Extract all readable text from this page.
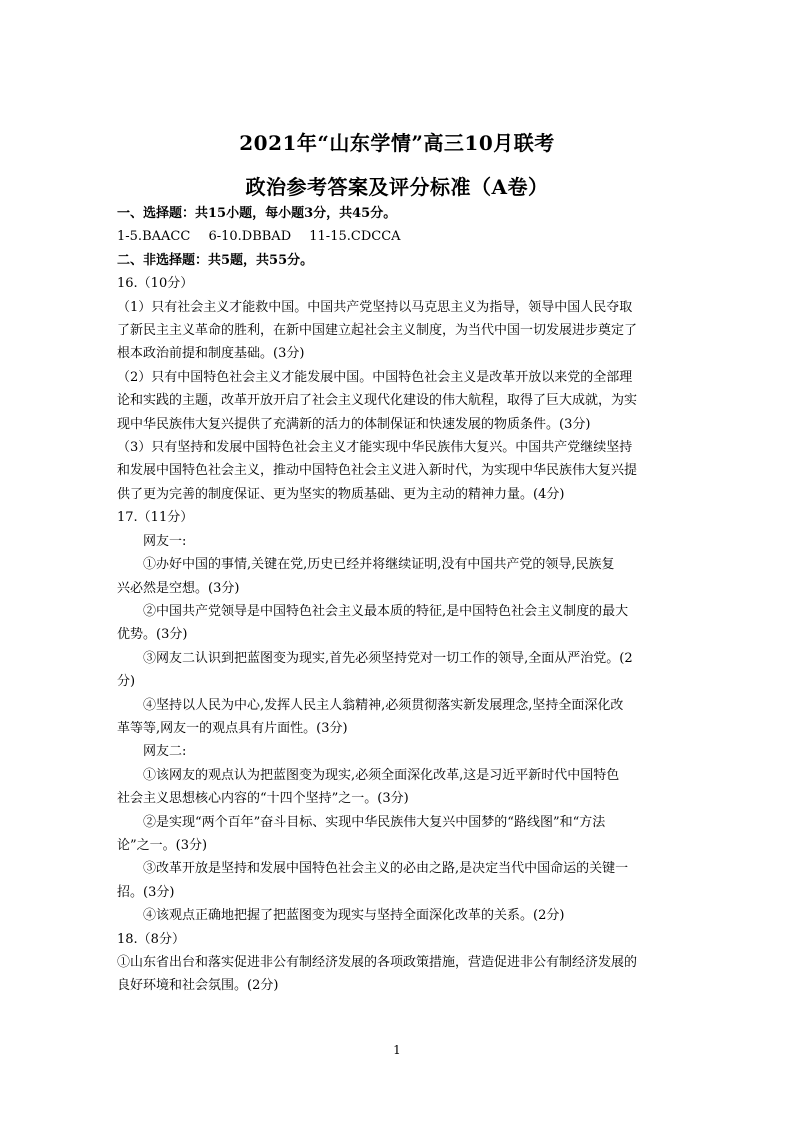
2021年“山东学情”高三10月联考
政治参考答案及评分标准（A卷）
一、选择题：共15小题，每小题3分，共45分。
1-5.BAACC 6-10.DBBAD 11-15.CDCCA
二、非选择题：共5题，共55分。
16.（10分）
（1）只有社会主义才能救中国。中国共产党坚持以马克思主义为指导，领导中国人民夺取
了新民主主义革命的胜利，在新中国建立起社会主义制度，为当代中国一切发展进步奠定了
根本政治前提和制度基础。(3分)
（2）只有中国特色社会主义才能发展中国。中国特色社会主义是改革开放以来党的全部理
论和实践的主题，改革开放开启了社会主义现代化建设的伟大航程，取得了巨大成就，为实
现中华民族伟大复兴提供了充满新的活力的体制保证和快速发展的物质条件。(3分)
（3）只有坚持和发展中国特色社会主义才能实现中华民族伟大复兴。中国共产党继续坚持
和发展中国特色社会主义，推动中国特色社会主义进入新时代，为实现中华民族伟大复兴提
供了更为完善的制度保证、更为坚实的物质基础、更为主动的精神力量。(4分)
17.（11分）
网友一:
①办好中国的事情,关键在党,历史已经并将继续证明,没有中国共产党的领导,民族复
兴必然是空想。(3分)
②中国共产党领导是中国特色社会主义最本质的特征,是中国特色社会主义制度的最大
优势。(3分)
③网友二认识到把蓝图变为现实,首先必须坚持党对一切工作的领导,全面从严治党。(2
分)
④坚持以人民为中心,发挥人民主人翁精神,必须贯彻落实新发展理念,坚持全面深化改
革等等,网友一的观点具有片面性。(3分)
网友二:
①该网友的观点认为把蓝图变为现实,必须全面深化改革,这是习近平新时代中国特色
社会主义思想核心内容的“十四个坚持”之一。(3分)
②是实现“两个百年”奋斗目标、实现中华民族伟大复兴中国梦的“路线图”和“方法
论”之一。(3分)
③改革开放是坚持和发展中国特色社会主义的必由之路,是决定当代中国命运的关键一
招。(3分)
④该观点正确地把握了把蓝图变为现实与坚持全面深化改革的关系。(2分)
18.（8分）
①山东省出台和落实促进非公有制经济发展的各项政策措施，营造促进非公有制经济发展的
良好环境和社会氛围。(2分)
1
